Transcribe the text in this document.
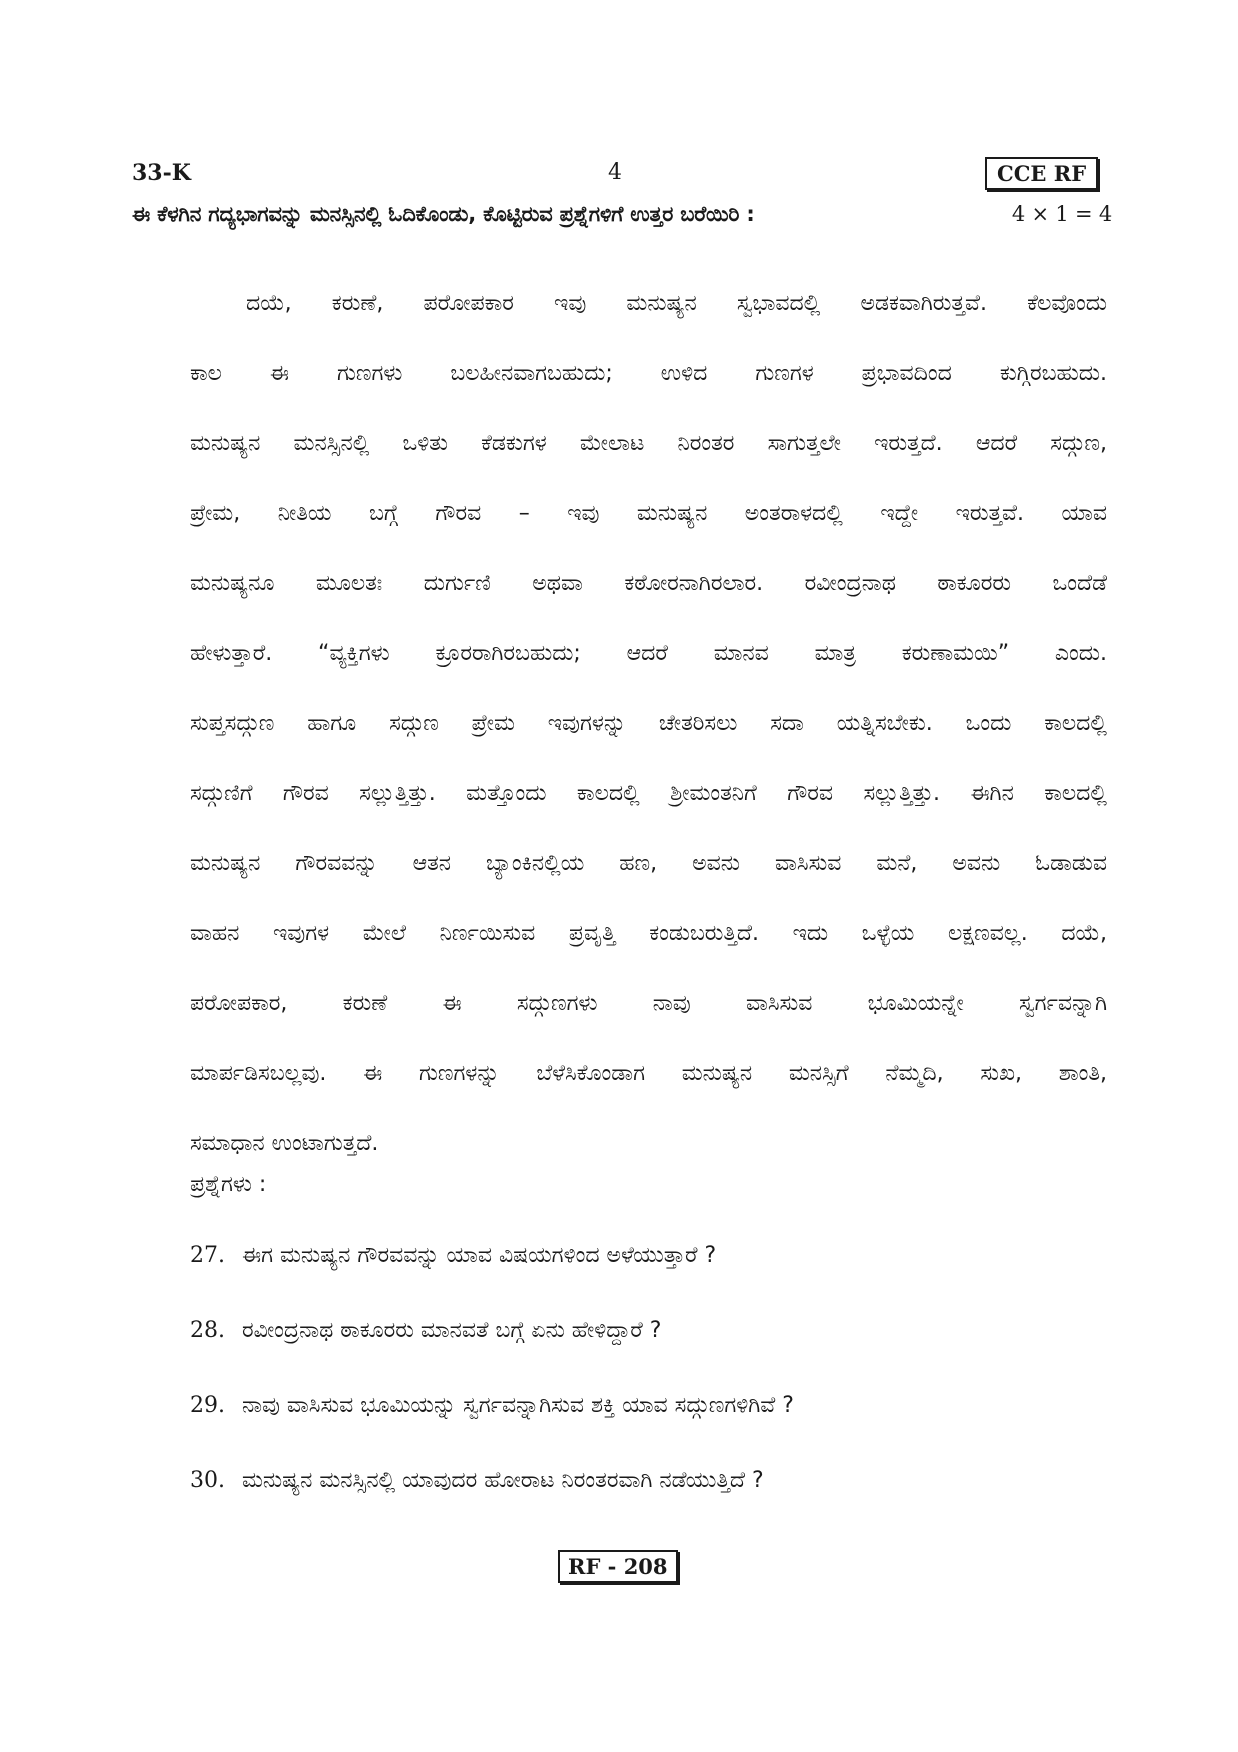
33-K	4	CCE RF
ಈ ಕೆಳಗಿನ ಗದ್ಯಭಾಗವನ್ನು ಮನಸ್ಸಿನಲ್ಲಿ ಓದಿಕೊಂಡು, ಕೊಟ್ಟಿರುವ ಪ್ರಶ್ನೆಗಳಿಗೆ ಉತ್ತರ ಬರೆಯಿರಿ :	4 × 1 = 4
ದಯೆ, ಕರುಣೆ, ಪರೋಪಕಾರ ಇವು ಮನುಷ್ಯನ ಸ್ವಭಾವದಲ್ಲಿ ಅಡಕವಾಗಿರುತ್ತವೆ. ಕೆಲವೊಂದು
ಕಾಲ ಈ ಗುಣಗಳು ಬಲಹೀನವಾಗಬಹುದು; ಉಳಿದ ಗುಣಗಳ ಪ್ರಭಾವದಿಂದ ಕುಗ್ಗಿರಬಹುದು.
ಮನುಷ್ಯನ ಮನಸ್ಸಿನಲ್ಲಿ ಒಳಿತು ಕೆಡಕುಗಳ ಮೇಲಾಟ ನಿರಂತರ ಸಾಗುತ್ತಲೇ ಇರುತ್ತದೆ. ಆದರೆ ಸದ್ಗುಣ,
ಪ್ರೇಮ, ನೀತಿಯ ಬಗ್ಗೆ ಗೌರವ – ಇವು ಮನುಷ್ಯನ ಅಂತರಾಳದಲ್ಲಿ ಇದ್ದೇ ಇರುತ್ತವೆ. ಯಾವ
ಮನುಷ್ಯನೂ ಮೂಲತಃ ದುರ್ಗುಣಿ ಅಥವಾ ಕಠೋರನಾಗಿರಲಾರ. ರವೀಂದ್ರನಾಥ ಠಾಕೂರರು ಒಂದೆಡೆ
ಹೇಳುತ್ತಾರೆ. “ವ್ಯಕ್ತಿಗಳು ಕ್ರೂರರಾಗಿರಬಹುದು; ಆದರೆ ಮಾನವ ಮಾತ್ರ ಕರುಣಾಮಯಿ” ಎಂದು.
ಸುಪ್ತಸದ್ಗುಣ ಹಾಗೂ ಸದ್ಗುಣ ಪ್ರೇಮ ಇವುಗಳನ್ನು ಚೇತರಿಸಲು ಸದಾ ಯತ್ನಿಸಬೇಕು. ಒಂದು ಕಾಲದಲ್ಲಿ
ಸದ್ಗುಣಿಗೆ ಗೌರವ ಸಲ್ಲುತ್ತಿತ್ತು. ಮತ್ತೊಂದು ಕಾಲದಲ್ಲಿ ಶ್ರೀಮಂತನಿಗೆ ಗೌರವ ಸಲ್ಲುತ್ತಿತ್ತು. ಈಗಿನ ಕಾಲದಲ್ಲಿ
ಮನುಷ್ಯನ ಗೌರವವನ್ನು ಆತನ ಬ್ಯಾಂಕಿನಲ್ಲಿಯ ಹಣ, ಅವನು ವಾಸಿಸುವ ಮನೆ, ಅವನು ಓಡಾಡುವ
ವಾಹನ ಇವುಗಳ ಮೇಲೆ ನಿರ್ಣಯಿಸುವ ಪ್ರವೃತ್ತಿ ಕಂಡುಬರುತ್ತಿದೆ. ಇದು ಒಳ್ಳೆಯ ಲಕ್ಷಣವಲ್ಲ. ದಯೆ,
ಪರೋಪಕಾರ, ಕರುಣೆ ಈ ಸದ್ಗುಣಗಳು ನಾವು ವಾಸಿಸುವ ಭೂಮಿಯನ್ನೇ ಸ್ವರ್ಗವನ್ನಾಗಿ
ಮಾರ್ಪಡಿಸಬಲ್ಲವು. ಈ ಗುಣಗಳನ್ನು ಬೆಳೆಸಿಕೊಂಡಾಗ ಮನುಷ್ಯನ ಮನಸ್ಸಿಗೆ ನೆಮ್ಮದಿ, ಸುಖ, ಶಾಂತಿ,
ಸಮಾಧಾನ ಉಂಟಾಗುತ್ತದೆ.
ಪ್ರಶ್ನೆಗಳು :
27. ಈಗ ಮನುಷ್ಯನ ಗೌರವವನ್ನು ಯಾವ ವಿಷಯಗಳಿಂದ ಅಳೆಯುತ್ತಾರೆ ?
28. ರವೀಂದ್ರನಾಥ ಠಾಕೂರರು ಮಾನವತೆ ಬಗ್ಗೆ ಏನು ಹೇಳಿದ್ದಾರೆ ?
29. ನಾವು ವಾಸಿಸುವ ಭೂಮಿಯನ್ನು ಸ್ವರ್ಗವನ್ನಾಗಿಸುವ ಶಕ್ತಿ ಯಾವ ಸದ್ಗುಣಗಳಿಗಿವೆ ?
30. ಮನುಷ್ಯನ ಮನಸ್ಸಿನಲ್ಲಿ ಯಾವುದರ ಹೋರಾಟ ನಿರಂತರವಾಗಿ ನಡೆಯುತ್ತಿದೆ ?
RF - 208
